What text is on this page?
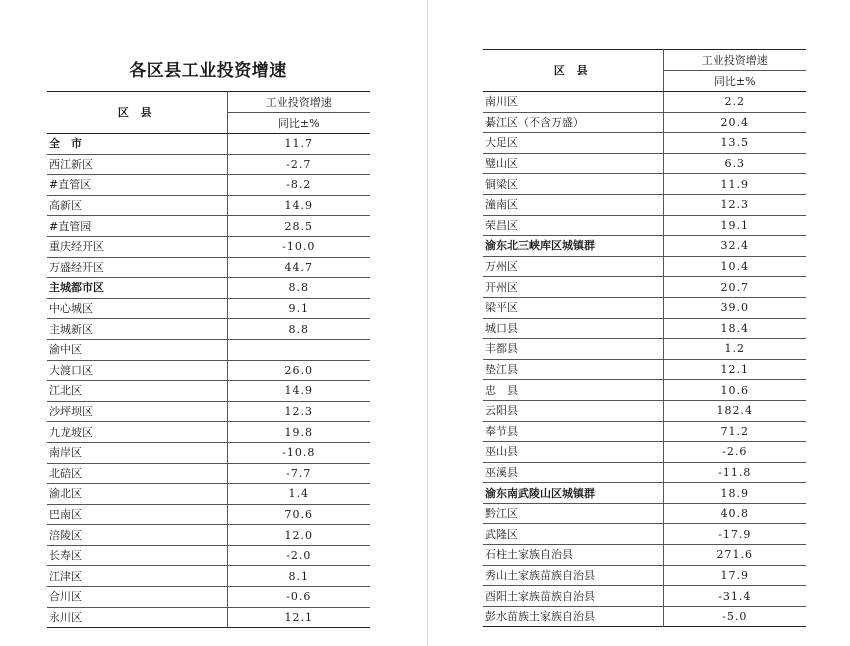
各区县工业投资增速
区 县	工业投资增速
	同比±%
全　市	11.7
西江新区	-2.7
#直管区	-8.2
高新区	14.9
#直管园	28.5
重庆经开区	-10.0
万盛经开区	44.7
主城都市区	8.8
中心城区	9.1
主城新区	8.8
渝中区	
大渡口区	26.0
江北区	14.9
沙坪坝区	12.3
九龙坡区	19.8
南岸区	-10.8
北碚区	-7.7
渝北区	1.4
巴南区	70.6
涪陵区	12.0
长寿区	-2.0
江津区	8.1
合川区	-0.6
永川区	12.1
区 县	工业投资增速
	同比±%
南川区	2.2
綦江区（不含万盛）	20.4
大足区	13.5
璧山区	6.3
铜梁区	11.9
潼南区	12.3
荣昌区	19.1
渝东北三峡库区城镇群	32.4
万州区	10.4
开州区	20.7
梁平区	39.0
城口县	18.4
丰都县	1.2
垫江县	12.1
忠　县	10.6
云阳县	182.4
奉节县	71.2
巫山县	-2.6
巫溪县	-11.8
渝东南武陵山区城镇群	18.9
黔江区	40.8
武隆区	-17.9
石柱土家族自治县	271.6
秀山土家族苗族自治县	17.9
酉阳土家族苗族自治县	-31.4
彭水苗族土家族自治县	-5.0
